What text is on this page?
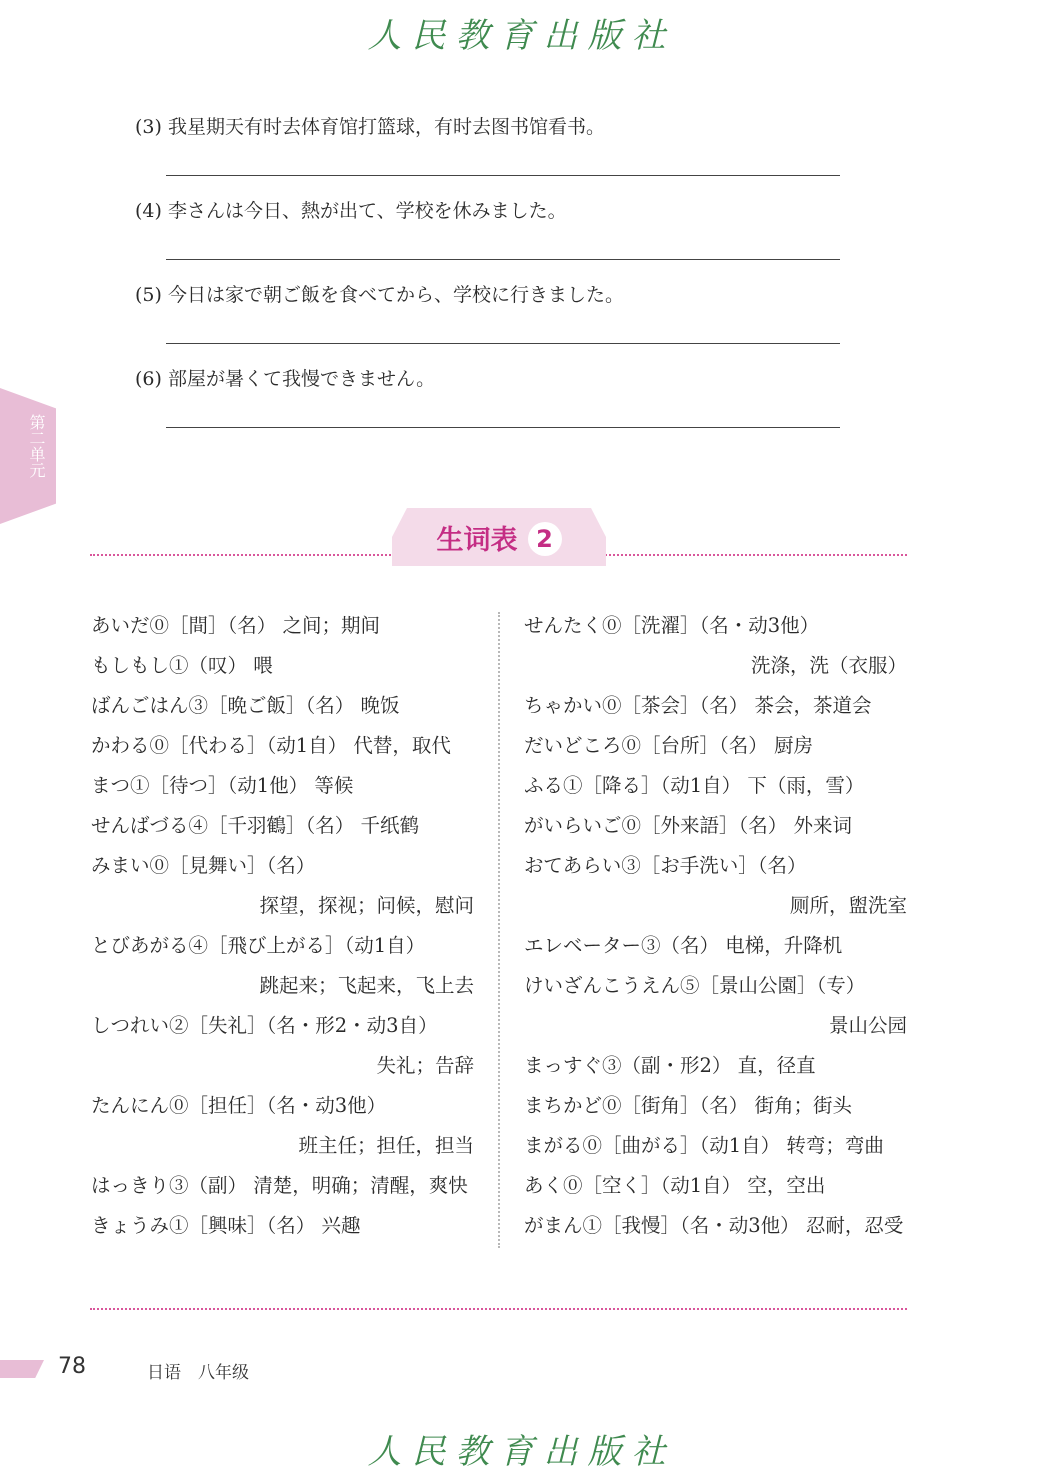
人民教育出版社
(3) 我星期天有时去体育馆打篮球，有时去图书馆看书。
(4) 李さんは今日、熱が出て、学校を休みました。
(5) 今日は家で朝ご飯を食べてから、学校に行きました。
(6) 部屋が暑くて我慢できません。
第二单元
生词表 2
あいだ⓪［間］（名） 之间；期间
もしもし①（叹） 喂
ばんごはん③［晩ご飯］（名） 晚饭
かわる⓪［代わる］（动1自） 代替，取代
まつ①［待つ］（动1他） 等候
せんばづる④［千羽鶴］（名） 千纸鹤
みまい⓪［見舞い］（名）
探望，探视；问候，慰问
とびあがる④［飛び上がる］（动1自）
跳起来；飞起来，飞上去
しつれい②［失礼］（名・形2・动3自）
失礼；告辞
たんにん⓪［担任］（名・动3他）
班主任；担任，担当
はっきり③（副） 清楚，明确；清醒，爽快
きょうみ①［興味］（名） 兴趣
せんたく⓪［洗濯］（名・动3他）
洗涤，洗（衣服）
ちゃかい⓪［茶会］（名） 茶会，茶道会
だいどころ⓪［台所］（名） 厨房
ふる①［降る］（动1自） 下（雨，雪）
がいらいご⓪［外来語］（名） 外来词
おてあらい③［お手洗い］（名）
厕所，盥洗室
エレベーター③（名） 电梯，升降机
けいざんこうえん⑤［景山公園］（专）
景山公园
まっすぐ③（副・形2） 直，径直
まちかど⓪［街角］（名） 街角；街头
まがる⓪［曲がる］（动1自） 转弯；弯曲
あく⓪［空く］（动1自） 空，空出
がまん①［我慢］（名・动3他） 忍耐，忍受
78	日语　八年级
人民教育出版社
